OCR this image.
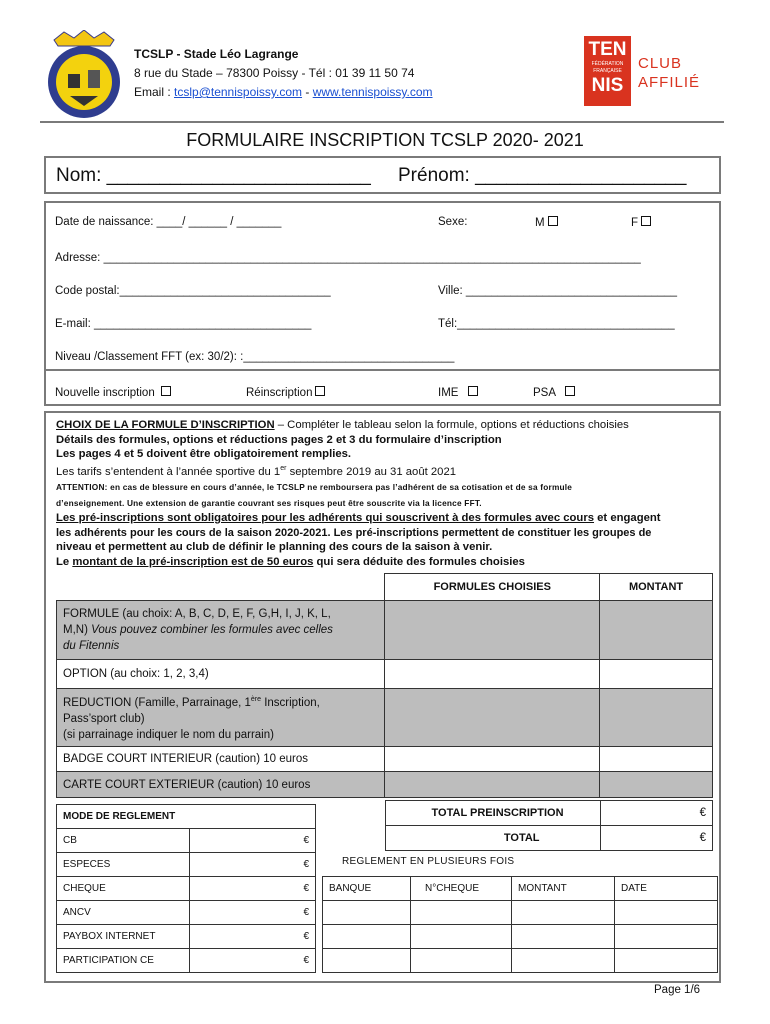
TCSLP - Stade Léo Lagrange
8 rue du Stade – 78300 Poissy - Tél : 01 39 11 50 74
Email : tcslp@tennispoissy.com - www.tennispoissy.com
TEN
FÉDÉRATION FRANÇAISE
NIS
CLUB
AFFILIÉ
FORMULAIRE INSCRIPTION TCSLP 2020- 2021
Nom: _________________________ Prénom: ____________________
Date de naissance: ____/ ______ / _______	Sexe:	M	F
Adresse: ____________________________________________________________________________________
Code postal:_________________________________	Ville: _________________________________
E-mail: __________________________________	Tél:__________________________________
Niveau /Classement FFT (ex: 30/2): :_________________________________
Nouvelle inscription	Réinscription	IME	PSA
CHOIX DE LA FORMULE D’INSCRIPTION – Compléter le tableau selon la formule, options et réductions choisies
Détails des formules, options et réductions pages 2 et 3 du formulaire d’inscription
Les pages 4 et 5 doivent être obligatoirement remplies.
Les tarifs s’entendent à l’année sportive du 1er septembre 2019 au 31 août 2021
ATTENTION: en cas de blessure en cours d’année, le TCSLP ne remboursera pas l’adhérent de sa cotisation et de sa formule
d’enseignement. Une extension de garantie couvrant ses risques peut être souscrite via la licence FFT.
Les pré-inscriptions sont obligatoires pour les adhérents qui souscrivent à des formules avec cours et engagent
les adhérents pour les cours de la saison 2020-2021. Les pré-inscriptions permettent de constituer les groupes de
niveau et permettent au club de définir le planning des cours de la saison à venir.
Le montant de la pré-inscription est de 50 euros qui sera déduite des formules choisies
	FORMULES CHOISIES	MONTANT
FORMULE (au choix: A, B, C, D, E, F, G,H, I, J, K, L,
M,N) Vous pouvez combiner les formules avec celles
du Fitennis		
OPTION (au choix: 1, 2, 3,4)		
REDUCTION (Famille, Parrainage, 1ère Inscription,
Pass’sport club)
(si parrainage indiquer le nom du parrain)		
BADGE COURT INTERIEUR (caution) 10 euros		
CARTE COURT EXTERIEUR (caution) 10 euros		
TOTAL PREINSCRIPTION	€
TOTAL	€
MODE DE REGLEMENT	
CB	€
ESPECES	€
CHEQUE	€
ANCV	€
PAYBOX INTERNET	€
PARTICIPATION CE	€
REGLEMENT EN PLUSIEURS FOIS
BANQUE	N°CHEQUE	MONTANT	DATE

Page 1/6
